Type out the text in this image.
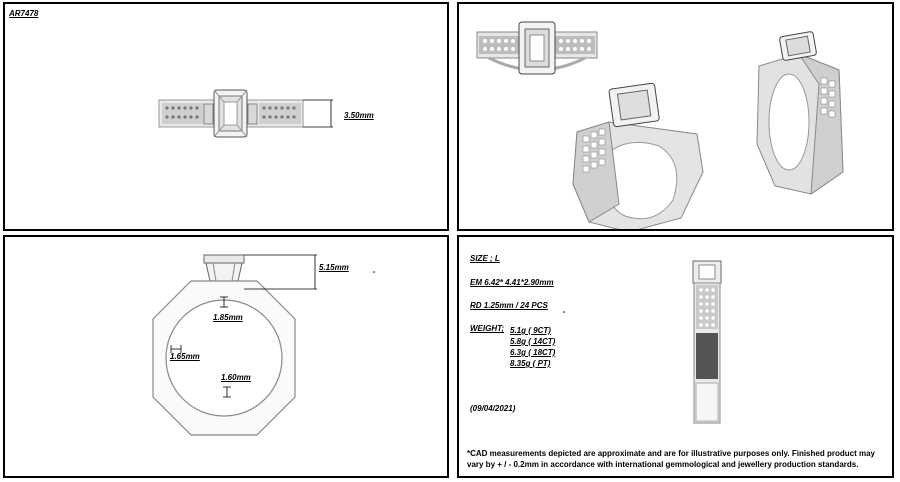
AR7478
3.50mm
5.15mm
1.85mm
1.65mm
1.60mm
SIZE ; L
EM 6.42* 4.41*2.90mm
RD 1.25mm / 24 PCS
WEIGHT; 5.1g ( 9CT)
5.8g ( 14CT)
6.3g ( 18CT)
8.35g ( PT)
(09/04/2021)
*CAD measurements depicted are approximate and are for illustrative purposes only. Finished product may vary by + / - 0.2mm in accordance with international gemmological and jewellery production standards.
